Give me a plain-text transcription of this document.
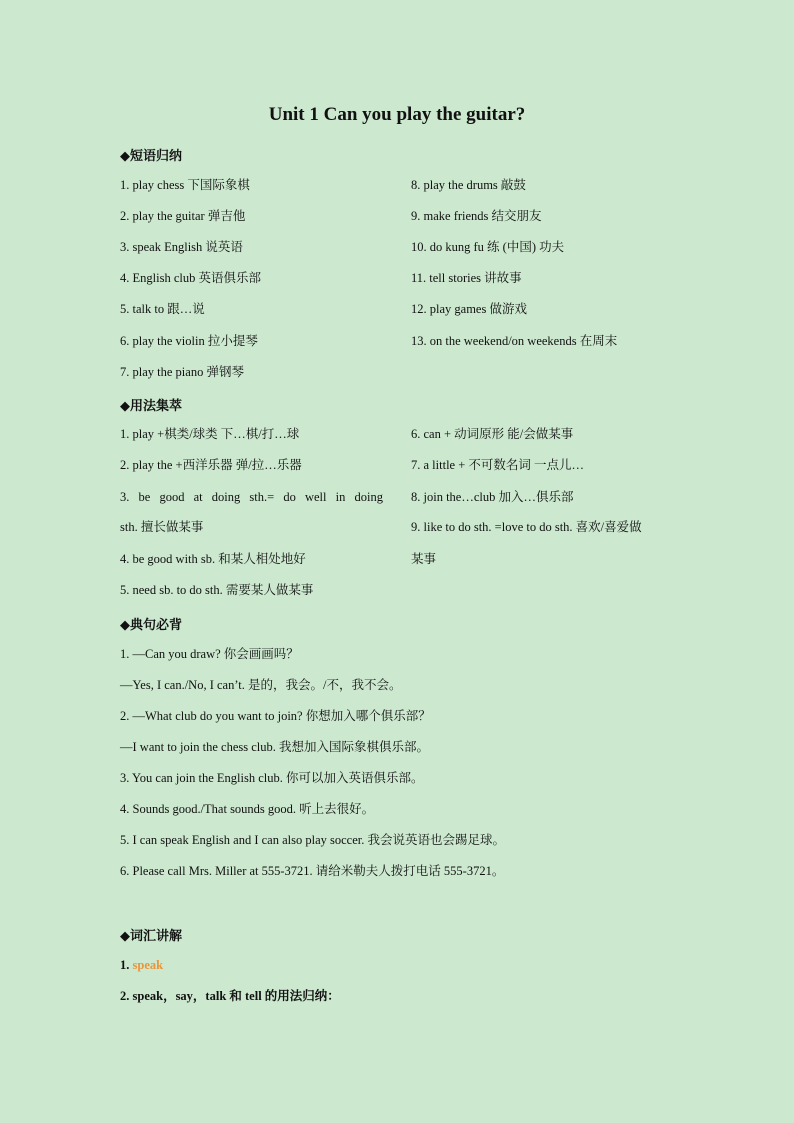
Unit 1 Can you play the guitar?
◆短语归纳
1. play chess 下国际象棋
2. play the guitar 弹吉他
3. speak English 说英语
4. English club 英语俱乐部
5. talk to 跟…说
6. play the violin 拉小提琴
7. play the piano 弹钢琴
8. play the drums 敲鼓
9. make friends 结交朋友
10. do kung fu 练 (中国) 功夫
11. tell stories 讲故事
12. play games 做游戏
13. on the weekend/on weekends 在周末
◆用法集萃
1. play +棋类/球类 下…棋/打…球
2. play the +西洋乐器 弹/拉…乐器
3. be good at doing sth.= do well in doing
sth. 擅长做某事
4. be good with sb. 和某人相处地好
5. need sb. to do sth. 需要某人做某事
6. can + 动词原形 能/会做某事
7. a little + 不可数名词 一点儿…
8. join the…club 加入…俱乐部
9. like to do sth. =love to do sth. 喜欢/喜爱做
某事
◆典句必背
1. —Can you draw? 你会画画吗？
—Yes, I can./No, I can’t. 是的，我会。/不，我不会。
2. —What club do you want to join? 你想加入哪个俱乐部？
—I want to join the chess club. 我想加入国际象棋俱乐部。
3. You can join the English club. 你可以加入英语俱乐部。
4. Sounds good./That sounds good. 听上去很好。
5. I can speak English and I can also play soccer. 我会说英语也会踢足球。
6. Please call Mrs. Miller at 555-3721. 请给米勒夫人拨打电话 555-3721。
◆词汇讲解
1. speak
2. speak，say，talk 和 tell 的用法归纳：
